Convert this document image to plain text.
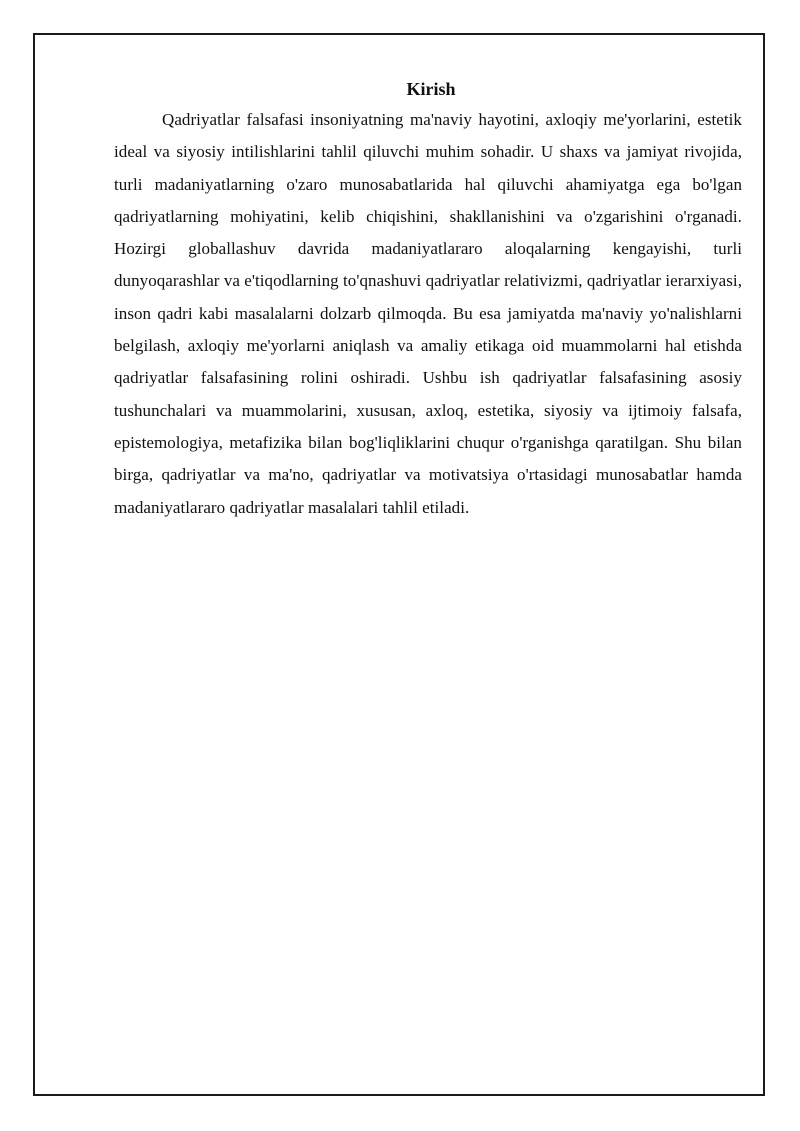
Kirish

Qadriyatlar falsafasi insoniyatning ma'naviy hayotini, axloqiy me'yorlarini, estetik ideal va siyosiy intilishlarini tahlil qiluvchi muhim sohadir. U shaxs va jamiyat rivojida, turli madaniyatlarning o'zaro munosabatlarida hal qiluvchi ahamiyatga ega bo'lgan qadriyatlarning mohiyatini, kelib chiqishini, shakllanishini va o'zgarishini o'rganadi. Hozirgi globallashuv davrida madaniyatlararo aloqalarning kengayishi, turli dunyoqarashlar va e'tiqodlarning to'qnashuvi qadriyatlar relativizmi, qadriyatlar ierarxiyasi, inson qadri kabi masalalarni dolzarb qilmoqda. Bu esa jamiyatda ma'naviy yo'nalishlarni belgilash, axloqiy me'yorlarni aniqlash va amaliy etikaga oid muammolarni hal etishda qadriyatlar falsafasining rolini oshiradi. Ushbu ish qadriyatlar falsafasining asosiy tushunchalari va muammolarini, xususan, axloq, estetika, siyosiy va ijtimoiy falsafa, epistemologiya, metafizika bilan bog'liqliklarini chuqur o'rganishga qaratilgan. Shu bilan birga, qadriyatlar va ma'no, qadriyatlar va motivatsiya o'rtasidagi munosabatlar hamda madaniyatlararo qadriyatlar masalalari tahlil etiladi.
